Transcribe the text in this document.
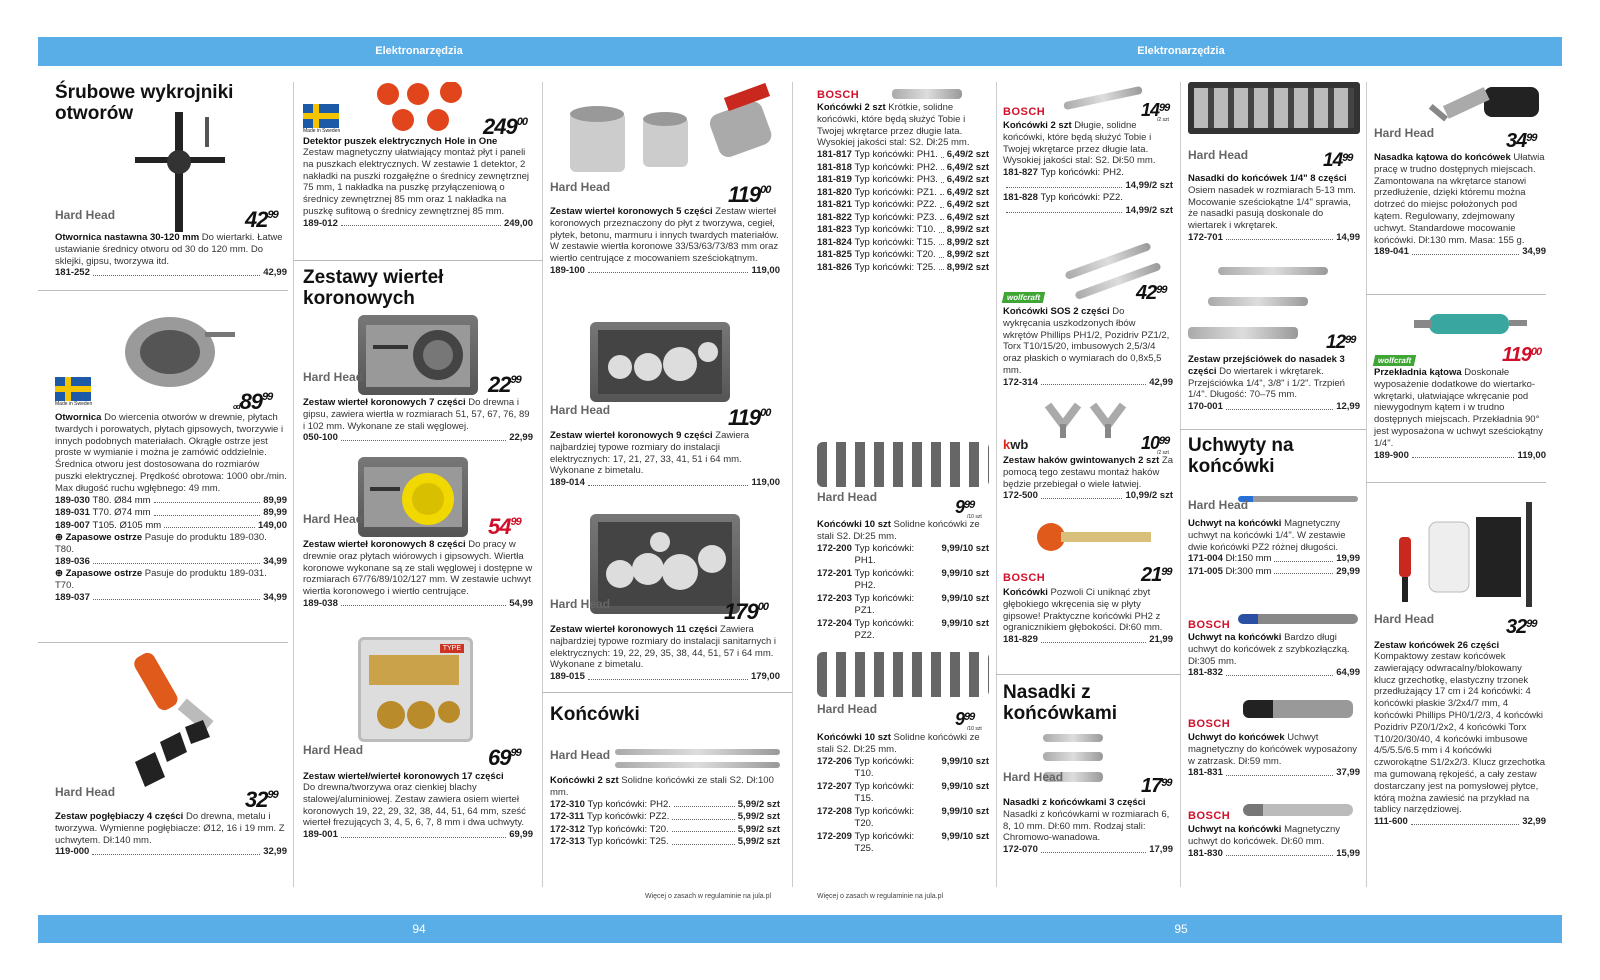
Elektronarzędzia	Elektronarzędzia
Śrubowe wykrojniki otworów
Hard Head	$42^{99}$
Otwornica nastawna 30-120 mm Do wiertarki. Łatwe ustawianie średnicy otworu od 30 do 120 mm. Do sklejki, gipsu, tworzywa itd.
181-252	42,99
Made in Sweden	$od89^{99}$
Otwornica Do wiercenia otworów w drewnie, płytach twardych i porowatych, płytach gipsowych, tworzywie i innych podobnych materiałach. Okrągłe ostrze jest proste w wymianie i można je zamówić oddzielnie. Średnica otworu jest dostosowana do rozmiarów puszki elektrycznej. Prędkość obrotowa: 1000 obr./min. Max długość ruchu wgłębnego: 49 mm.
189-030
T80. Ø84 mm	89,99
189-031
T70. Ø74 mm	89,99
189-007
T105. Ø105 mm	149,00
⊕ Zapasowe ostrze Pasuje do produktu 189-030. T80.
189-036	34,99
⊕ Zapasowe ostrze Pasuje do produktu 189-031. T70.
189-037	34,99
Hard Head	$32^{99}$
Zestaw pogłębiaczy 4 części Do drewna, metalu i tworzywa. Wymienne pogłębiacze: Ø12, 16 i 19 mm. Z uchwytem. Dł:140 mm.
119-000	32,99
Made in Sweden	$249^{00}$
Detektor puszek elektrycznych Hole in One
Zestaw magnetyczny ułatwiający montaż płyt i paneli na puszkach elektrycznych. W zestawie 1 detektor, 2 nakładki na puszki rozgałęźne o średnicy zewnętrznej 75 mm, 1 nakładka na puszkę przyłączeniową o średnicy zewnętrznej 85 mm oraz 1 nakładka na puszkę sufitową o średnicy zewnętrznej 85 mm.
189-012	249,00
Zestawy wierteł koronowych
Hard Head	$22^{99}$
Zestaw wierteł koronowych 7 części Do drewna i gipsu, zawiera wiertła w rozmiarach 51, 57, 67, 76, 89 i 102 mm. Wykonane ze stali węglowej.
050-100	22,99
Hard Head	$54^{99}$
Zestaw wierteł koronowych 8 części Do pracy w drewnie oraz płytach wiórowych i gipsowych. Wiertła koronowe wykonane są ze stali węglowej i dostępne w rozmiarach 67/76/89/102/127 mm. W zestawie uchwyt wiertła koronowego i wiertło centrujące.
189-038	54,99
TYPE
Hard Head	$69^{99}$
Zestaw wierteł/wierteł koronowych 17 części
Do drewna/tworzywa oraz cienkiej blachy stalowej/aluminiowej. Zestaw zawiera osiem wierteł koronowych 19, 22, 29, 32, 38, 44, 51, 64 mm, sześć wierteł frezujących 3, 4, 5, 6, 7, 8 mm i dwa uchwyty.
189-001	69,99
Hard Head	$119^{00}$
Zestaw wierteł koronowych 5 części Zestaw wierteł koronowych przeznaczony do płyt z tworzywa, cegieł, płytek, betonu, marmuru i innych twardych materiałów. W zestawie wiertła koronowe 33/53/63/73/83 mm oraz wiertło centrujące z mocowaniem sześciokątnym.
189-100	119,00
Hard Head	$119^{00}$
Zestaw wierteł koronowych 9 części Zawiera najbardziej typowe rozmiary do instalacji elektrycznych: 17, 21, 27, 33, 41, 51 i 64 mm. Wykonane z bimetalu.
189-014	119,00
Hard Head	$179^{00}$
Zestaw wierteł koronowych 11 części Zawiera najbardziej typowe rozmiary do instalacji sanitarnych i elektrycznych: 19, 22, 29, 35, 38, 44, 51, 57 i 64 mm. Wykonane z bimetalu.
189-015	179,00
Końcówki
Hard Head
Końcówki 2 szt Solidne końcówki ze stali S2. Dł:100 mm.
172-310
Typ końcówki: PH2.	5,99/2 szt
172-311
Typ końcówki: PZ2.	5,99/2 szt
172-312
Typ końcówki: T20.	5,99/2 szt
172-313
Typ końcówki: T25.	5,99/2 szt
Więcej o zasach w regulaminie na jula.pl
BOSCH
Końcówki 2 szt Krótkie, solidne końcówki, które będą służyć Tobie i Twojej wkrętarce przez długie lata. Wysokiej jakości stal: S2. Dł:25 mm.
181-817
Typ końcówki: PH1. 6,49/2 szt
181-818
Typ końcówki: PH2. 6,49/2 szt
181-819
Typ końcówki: PH3. 6,49/2 szt
181-820
Typ końcówki: PZ1. 6,49/2 szt
181-821
Typ końcówki: PZ2. 6,49/2 szt
181-822
Typ końcówki: PZ3. 6,49/2 szt
181-823
Typ końcówki: T10. 8,99/2 szt
181-824
Typ końcówki: T15. 8,99/2 szt
181-825
Typ końcówki: T20. 8,99/2 szt
181-826
Typ końcówki: T25. 8,99/2 szt
Hard Head	$9^{99}$
/10 szt
Końcówki 10 szt Solidne końcówki ze stali S2. Dł:25 mm.
172-200
Typ końcówki: PH1.
9,99/10 szt
172-201
Typ końcówki: PH2.
9,99/10 szt
172-203
Typ końcówki: PZ1.
9,99/10 szt
172-204
Typ końcówki: PZ2.
9,99/10 szt
Hard Head	$9^{99}$
/10 szt
Końcówki 10 szt Solidne końcówki ze stali S2. Dł:25 mm.
172-206
Typ końcówki: T10.
9,99/10 szt
172-207
Typ końcówki: T15.
9,99/10 szt
172-208
Typ końcówki: T20.
9,99/10 szt
172-209
Typ końcówki: T25.
9,99/10 szt
Więcej o zasach w regulaminie na jula.pl
BOSCH	$14^{99}$
/2 szt
Końcówki 2 szt Długie, solidne końcówki, które będą służyć Tobie i Twojej wkrętarce przez długie lata. Wysokiej jakości stal: S2. Dł:50 mm.
181-827
Typ końcówki: PH2.
14,99/2 szt
181-828
Typ końcówki: PZ2.
14,99/2 szt
wolfcraft	$42^{99}$
Końcówki SOS 2 części Do wykręcania uszkodzonych łbów wkrętów Phillips PH1/2, Pozidriv PZ1/2, Torx T10/15/20, imbusowych 2,5/3/4 oraz płaskich o wymiarach do 0,8x5,5 mm.
172-314	42,99
kwb	$10^{99}$
/2 szt
Zestaw haków gwintowanych 2 szt Za pomocą tego zestawu montaż haków będzie przebiegał o wiele łatwiej.
172-500	10,99/2 szt
BOSCH	$21^{99}$
Końcówki Pozwoli Ci uniknąć zbyt głębokiego wkręcenia się w płyty gipsowe! Praktyczne końcówki PH2 z ogranicznikiem głębokości. Dł:60 mm.
181-829	21,99
Nasadki z końcówkami
Hard Head	$17^{99}$
Nasadki z końcówkami 3 części Nasadki z końcówkami w rozmiarach 6, 8, 10 mm. Dł:60 mm. Rodzaj stali: Chromowo-wanadowa.
172-070	17,99
Hard Head	$14^{99}$
Nasadki do końcówek 1/4" 8 części Osiem nasadek w rozmiarach 5-13 mm. Mocowanie sześciokątne 1/4" sprawia, że nasadki pasują doskonale do wiertarek i wkrętarek.
172-701	14,99
$12^{99}$
Zestaw przejściówek do nasadek 3 części Do wiertarek i wkrętarek. Przejściówka 1/4", 3/8" i 1/2". Trzpień 1/4". Długość: 70–75 mm.
170-001	12,99
Uchwyty na końcówki
Hard Head
Uchwyt na końcówki Magnetyczny uchwyt na końcówki 1/4". W zestawie dwie końcówki PZ2 różnej długości.
171-004
Dł:150 mm	19,99
171-005
Dł:300 mm	29,99
BOSCH
Uchwyt na końcówki Bardzo długi uchwyt do końcówek z szybkozłączką. Dł:305 mm.
181-832	64,99
BOSCH
Uchwyt do końcówek Uchwyt magnetyczny do końcówek wyposażony w zatrzask. Dł:59 mm.
181-831	37,99
BOSCH
Uchwyt na końcówki Magnetyczny uchwyt do końcówek. Dł:60 mm.
181-830	15,99
Hard Head	$34^{99}$
Nasadka kątowa do końcówek Ułatwia pracę w trudno dostępnych miejscach. Zamontowana na wkrętarce stanowi przedłużenie, dzięki któremu można dotrzeć do miejsc położonych pod kątem. Regulowany, zdejmowany uchwyt. Standardowe mocowanie końcówki. Dł:130 mm. Masa: 155 g.
189-041	34,99
wolfcraft	$119^{00}$
Przekładnia kątowa Doskonałe wyposażenie dodatkowe do wiertarko-wkrętarki, ułatwiające wkręcanie pod niewygodnym kątem i w trudno dostępnych miejscach. Przekładnia 90° jest wyposażona w uchwyt sześciokątny 1/4".
189-900	119,00
Hard Head	$32^{99}$
Zestaw końcówek 26 części
Kompaktowy zestaw końcówek zawierający odwracalny/blokowany klucz grzechotkę, elastyczny trzonek przedłużający 17 cm i 24 końcówki: 4 końcówki płaskie 3/2x4/7 mm, 4 końcówki Phillips PH0/1/2/3, 4 końcówki Pozidriv PZ0/1/2x2, 4 końcówki Torx T10/20/30/40, 4 końcówki imbusowe 4/5/5.5/6.5 mm i 4 końcówki czworokątne S1/2x2/3. Klucz grzechotka ma gumowaną rękojeść, a cały zestaw dostarczany jest na pomysłowej płytce, którą można zawiesić na przykład na tablicy narzędziowej.
111-600	32,99
94	95
